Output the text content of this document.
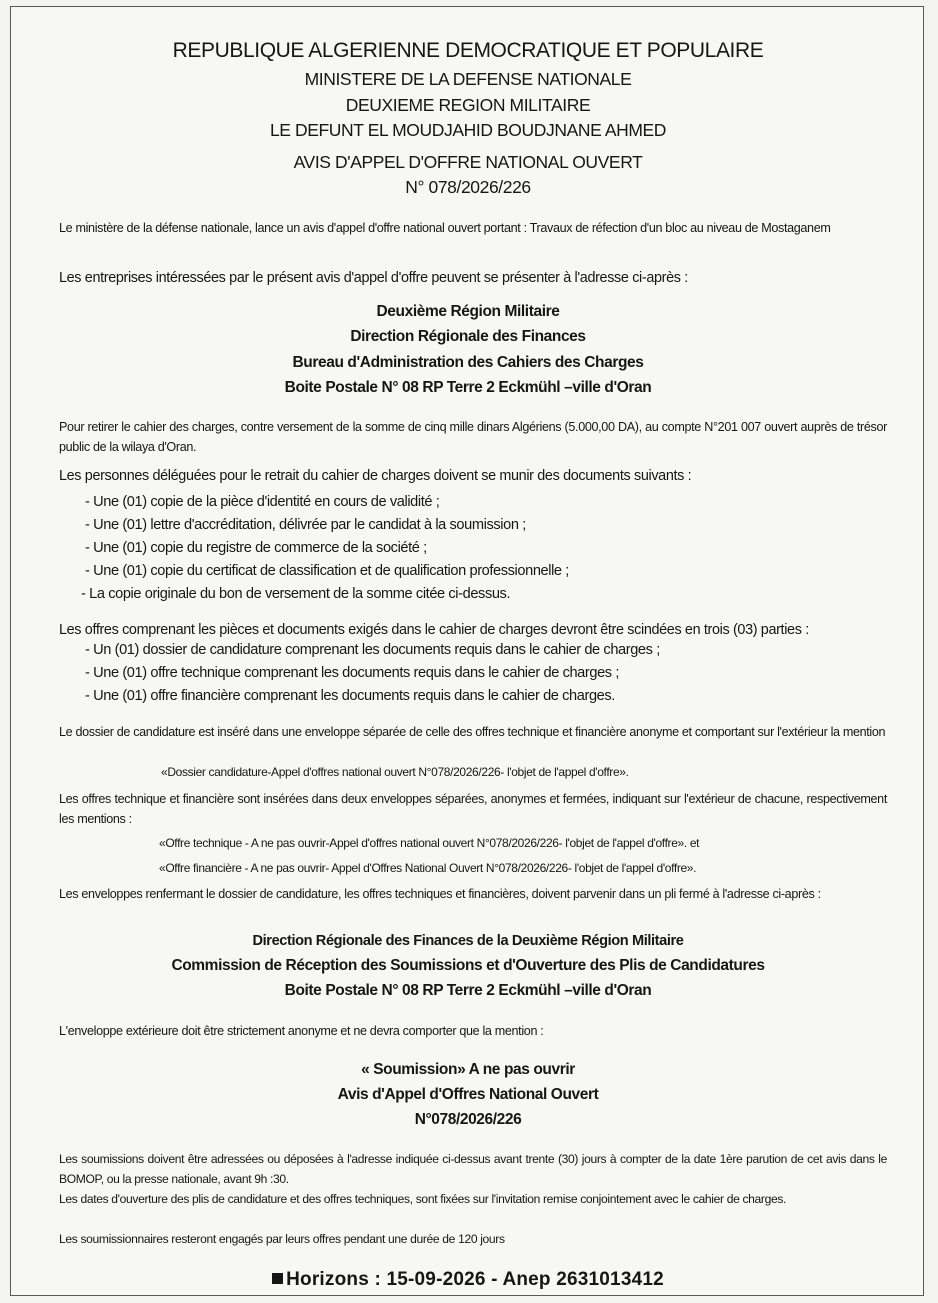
REPUBLIQUE ALGERIENNE DEMOCRATIQUE ET POPULAIRE
MINISTERE DE LA DEFENSE NATIONALE
DEUXIEME REGION MILITAIRE
LE DEFUNT EL MOUDJAHID BOUDJNANE AHMED
AVIS D'APPEL D'OFFRE NATIONAL OUVERT
N° 078/2026/226
Le ministère de la défense nationale, lance un avis d'appel d'offre national ouvert portant : Travaux de réfection d'un bloc au niveau de Mostaganem
Les entreprises intéressées par le présent avis d'appel d'offre peuvent se présenter à l'adresse ci-après :
Deuxième Région Militaire
Direction Régionale des Finances
Bureau d'Administration des Cahiers des Charges
Boite Postale N° 08 RP Terre 2 Eckmühl –ville d'Oran
Pour retirer le cahier des charges, contre versement de la somme de cinq mille dinars Algériens (5.000,00 DA), au compte N°201 007 ouvert auprès de trésor public de la wilaya d'Oran.
Les personnes déléguées pour le retrait du cahier de charges doivent se munir des documents suivants :
- Une (01) copie de la pièce d'identité en cours de validité ;
- Une (01) lettre d'accréditation, délivrée par le candidat à la soumission ;
- Une (01) copie du registre de commerce de la société ;
- Une (01) copie du certificat de classification et de qualification professionnelle ;
- La copie originale du bon de versement de la somme citée ci-dessus.
Les offres comprenant les pièces et documents exigés dans le cahier de charges devront être scindées en trois (03) parties :
- Un (01) dossier de candidature comprenant les documents requis dans le cahier de charges ;
- Une (01) offre technique comprenant les documents requis dans le cahier de charges ;
- Une (01) offre financière comprenant les documents requis dans le cahier de charges.
Le dossier de candidature est inséré dans une enveloppe séparée de celle des offres technique et financière anonyme et comportant sur l'extérieur la mention
«Dossier candidature-Appel d'offres national ouvert N°078/2026/226- l'objet de l'appel d'offre».
Les offres technique et financière sont insérées dans deux enveloppes séparées, anonymes et fermées, indiquant sur l'extérieur de chacune, respectivement les mentions :
«Offre technique - A ne pas ouvrir-Appel d'offres national ouvert N°078/2026/226- l'objet de l'appel d'offre». et
«Offre financière - A ne pas ouvrir- Appel d'Offres National Ouvert N°078/2026/226- l'objet de l'appel d'offre».
Les enveloppes renfermant le dossier de candidature, les offres techniques et financières, doivent parvenir dans un pli fermé à l'adresse ci-après :
Direction Régionale des Finances de la Deuxième Région Militaire
Commission de Réception des Soumissions et d'Ouverture des Plis de Candidatures
Boite Postale N° 08 RP Terre 2 Eckmühl –ville d'Oran
L'enveloppe extérieure doit être strictement anonyme et ne devra comporter que la mention :
« Soumission» A ne pas ouvrir
Avis d'Appel d'Offres National Ouvert
N°078/2026/226
Les soumissions doivent être adressées ou déposées à l'adresse indiquée ci-dessus avant trente (30) jours à compter de la date 1ère parution de cet avis dans le BOMOP, ou la presse nationale, avant 9h :30.
Les dates d'ouverture des plis de candidature et des offres techniques, sont fixées sur l'invitation remise conjointement avec le cahier de charges.
Les soumissionnaires resteront engagés par leurs offres pendant une durée de 120 jours
Horizons : 15-09-2026 - Anep 2631013412
